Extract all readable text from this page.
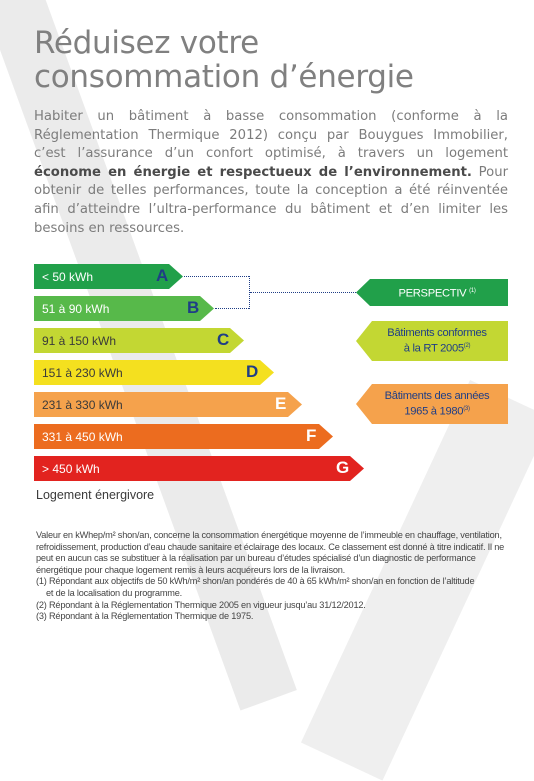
Réduisez votre
consommation d’énergie

Habiter un bâtiment à basse consommation (conforme à la Réglementation Thermique 2012) conçu par Bouygues Immobilier, c’est l’assurance d’un confort optimisé, à travers un logement économe en énergie et respectueux de l’environnement. Pour obtenir de telles performances, toute la conception a été réinventée afin d’atteindre l’ultra-performance du bâtiment et d’en limiter les besoins en ressources.

< 50 kWh	A
51 à 90 kWh	B
91 à 150 kWh	C
151 à 230 kWh	D
231 à 330 kWh	E
331 à 450 kWh	F
> 450 kWh	G
PERSPECTIV $^{(1)}$
Bâtiments conformes
à la RT 2005$^{(2)}$
Bâtiments des années
1965 à 1980$^{(3)}$
Logement énergivore

Valeur en kWhep/m² shon/an, concerne la consommation énergétique moyenne de l’immeuble en chauffage, ventilation, refroidissement, production d’eau chaude sanitaire et éclairage des locaux. Ce classement est donné à titre indicatif. Il ne peut en aucun cas se substituer à la réalisation par un bureau d’études spécialisé d’un diagnostic de performance énergétique pour chaque logement remis à leurs acquéreurs lors de la livraison.

(1) Répondant aux objectifs de 50 kWh/m² shon/an pondérés de 40 à 65 kWh/m² shon/an en fonction de l’altitude

et de la localisation du programme.

(2) Répondant à la Réglementation Thermique 2005 en vigueur jusqu’au 31/12/2012.

(3) Répondant à la Réglementation Thermique de 1975.
